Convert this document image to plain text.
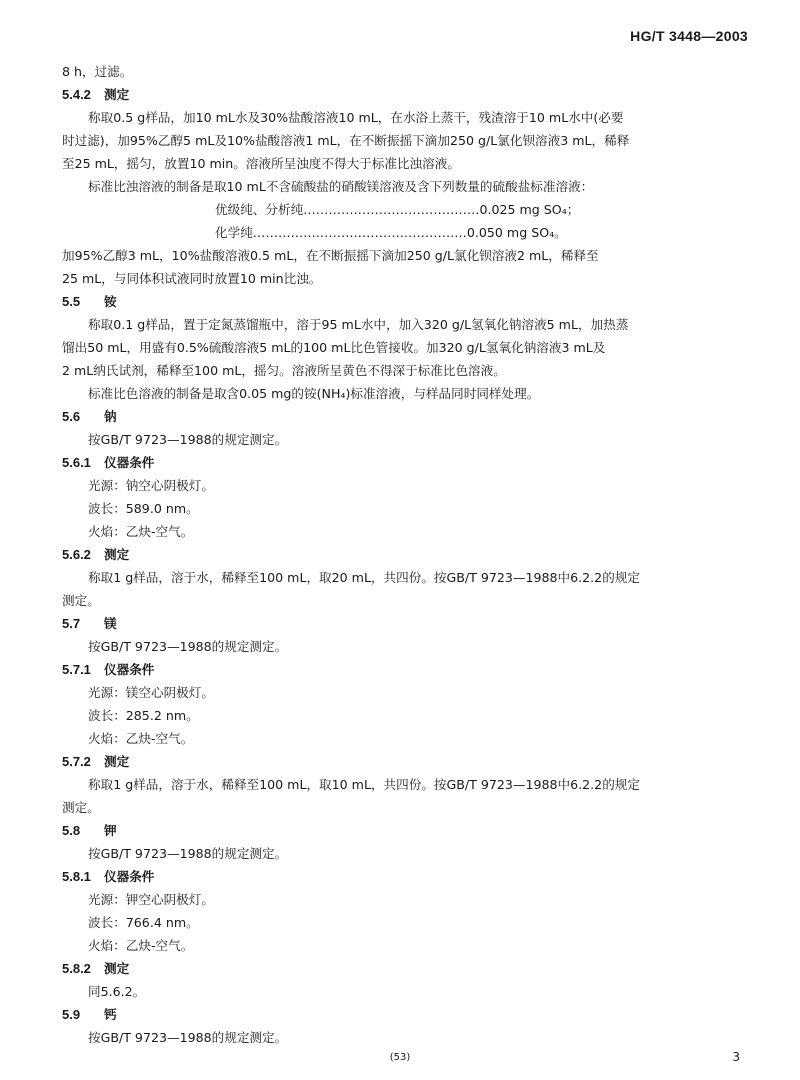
HG/T 3448—2003
8 h，过滤。
5.4.2 测定
称取0.5 g样品，加10 mL水及30%盐酸溶液10 mL，在水浴上蒸干，残渣溶于10 mL水中(必要
时过滤)，加95%乙醇5 mL及10%盐酸溶液1 mL，在不断振摇下滴加250 g/L氯化钡溶液3 mL，稀释
至25 mL，摇匀，放置10 min。溶液所呈浊度不得大于标准比浊溶液。
标准比浊溶液的制备是取10 mL不含硫酸盐的硝酸镁溶液及含下列数量的硫酸盐标准溶液：
优级纯、分析纯……………………………………0.025 mg SO₄；
化学纯……………………………………………0.050 mg SO₄。
加95%乙醇3 mL，10%盐酸溶液0.5 mL，在不断振摇下滴加250 g/L氯化钡溶液2 mL，稀释至
25 mL，与同体积试液同时放置10 min比浊。
5.5 铵
称取0.1 g样品，置于定氮蒸馏瓶中，溶于95 mL水中，加入320 g/L氢氧化钠溶液5 mL，加热蒸
馏出50 mL，用盛有0.5%硫酸溶液5 mL的100 mL比色管接收。加320 g/L氢氧化钠溶液3 mL及
2 mL纳氏试剂，稀释至100 mL，摇匀。溶液所呈黄色不得深于标准比色溶液。
标准比色溶液的制备是取含0.05 mg的铵(NH₄)标准溶液，与样品同时同样处理。
5.6 钠
按GB/T 9723—1988的规定测定。
5.6.1 仪器条件
光源：钠空心阴极灯。
波长：589.0 nm。
火焰：乙炔-空气。
5.6.2 测定
称取1 g样品，溶于水，稀释至100 mL，取20 mL，共四份。按GB/T 9723—1988中6.2.2的规定
测定。
5.7 镁
按GB/T 9723—1988的规定测定。
5.7.1 仪器条件
光源：镁空心阴极灯。
波长：285.2 nm。
火焰：乙炔-空气。
5.7.2 测定
称取1 g样品，溶于水，稀释至100 mL，取10 mL，共四份。按GB/T 9723—1988中6.2.2的规定
测定。
5.8 钾
按GB/T 9723—1988的规定测定。
5.8.1 仪器条件
光源：钾空心阴极灯。
波长：766.4 nm。
火焰：乙炔-空气。
5.8.2 测定
同5.6.2。
5.9 钙
按GB/T 9723—1988的规定测定。
(53)	3
